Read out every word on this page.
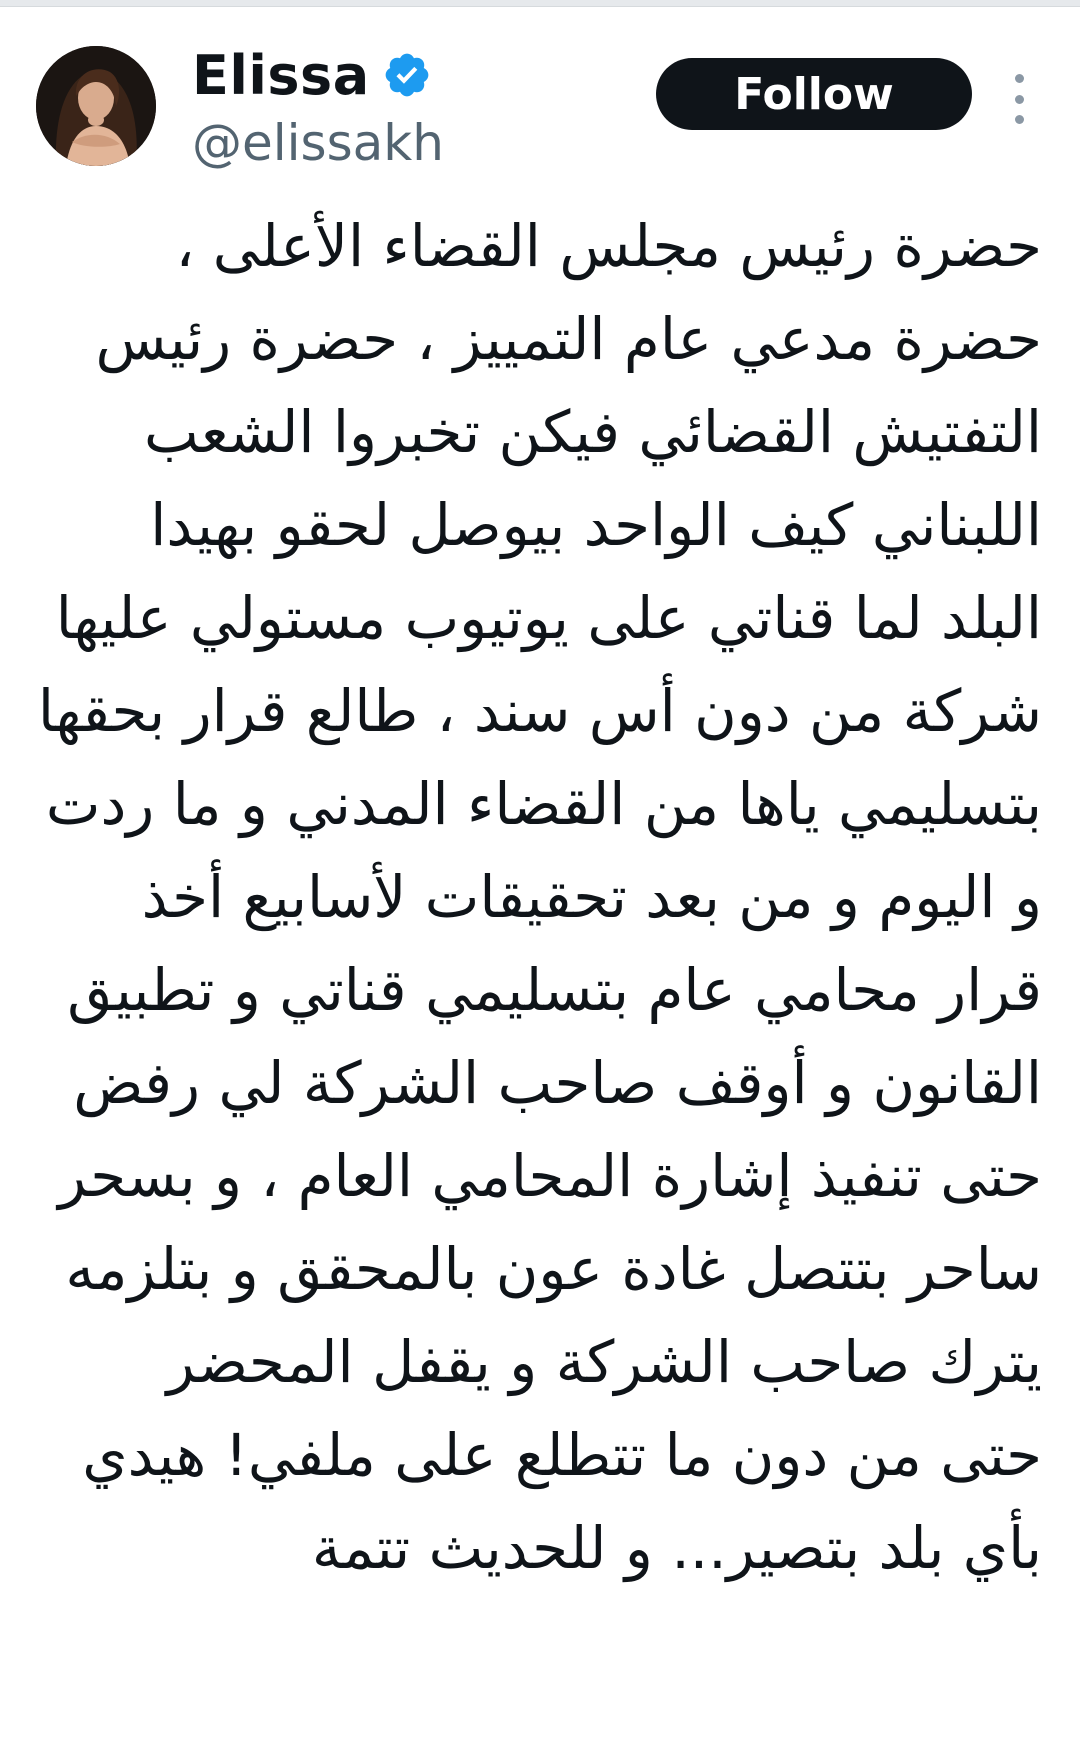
Elissa
@elissakh
Follow
حضرة رئيس مجلس القضاء الأعلى ،
حضرة مدعي عام التمييز ، حضرة رئيس
التفتيش القضائي فيكن تخبروا الشعب
اللبناني كيف الواحد بيوصل لحقو بهيدا
البلد لما قناتي على يوتيوب مستولي عليها
شركة من دون أس سند ، طالع قرار بحقها
بتسليمي ياها من القضاء المدني و ما ردت
و اليوم و من بعد تحقيقات لأسابيع أخذ
قرار محامي عام بتسليمي قناتي و تطبيق
القانون و أوقف صاحب الشركة لي رفض
حتى تنفيذ إشارة المحامي العام ، و بسحر
ساحر بتتصل غادة عون بالمحقق و بتلزمه
يترك صاحب الشركة و يقفل المحضر
حتى من دون ما تتطلع على ملفي! هيدي
بأي بلد بتصير... و للحديث تتمة
